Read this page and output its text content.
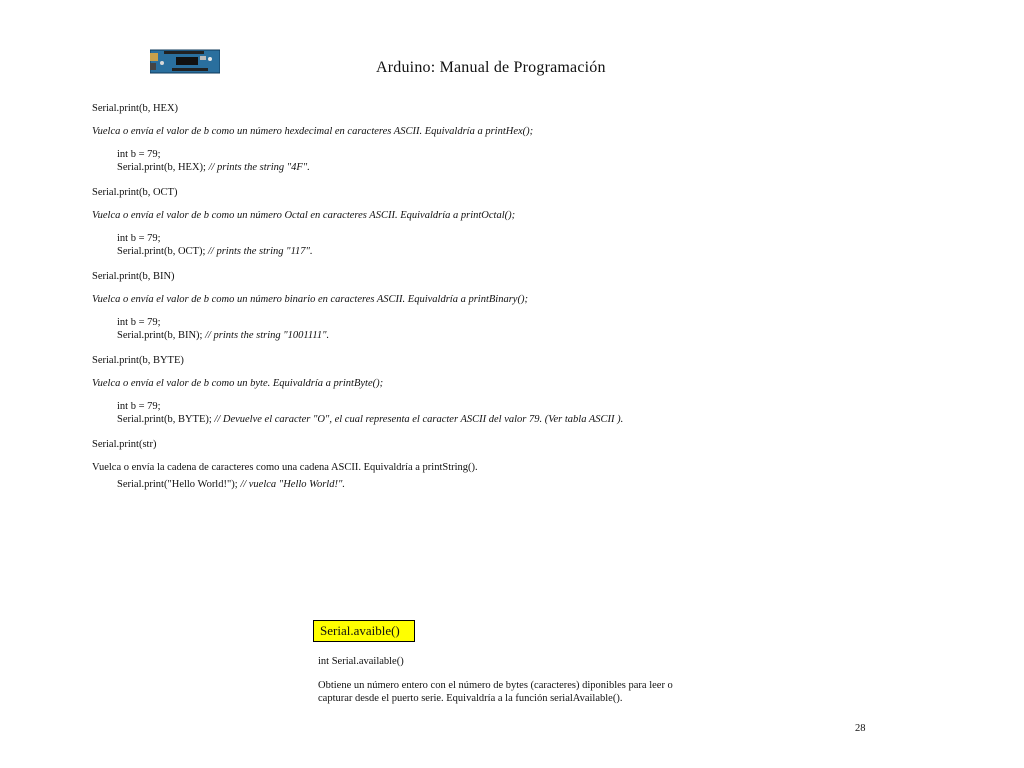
Arduino: Manual de Programación
Serial.print(b, HEX)
Vuelca o envía el valor de b como un número hexdecimal en caracteres ASCII. Equivaldría a printHex();
int b = 79;
Serial.print(b, HEX); // prints the string "4F".
Serial.print(b, OCT)
Vuelca o envía el valor de b como un número Octal en caracteres ASCII. Equivaldría a printOctal();
int b = 79;
Serial.print(b, OCT); // prints the string "117".
Serial.print(b, BIN)
Vuelca o envía el valor de b como un número binario en caracteres ASCII. Equivaldría a printBinary();
int b = 79;
Serial.print(b, BIN); // prints the string "1001111".
Serial.print(b, BYTE)
Vuelca o envía el valor de b como un byte. Equivaldría a printByte();
int b = 79;
Serial.print(b, BYTE); // Devuelve el caracter "O", el cual representa el caracter ASCII del valor 79. (Ver tabla ASCII ).
Serial.print(str)
Vuelca o envía la cadena de caracteres como una cadena ASCII. Equivaldría a printString().
Serial.print("Hello World!"); // vuelca "Hello World!".
Serial.avaible()
int Serial.available()
Obtiene un número entero con el número de bytes (caracteres) diponibles para leer o
capturar desde el puerto serie. Equivaldría a la función serialAvailable().
28
